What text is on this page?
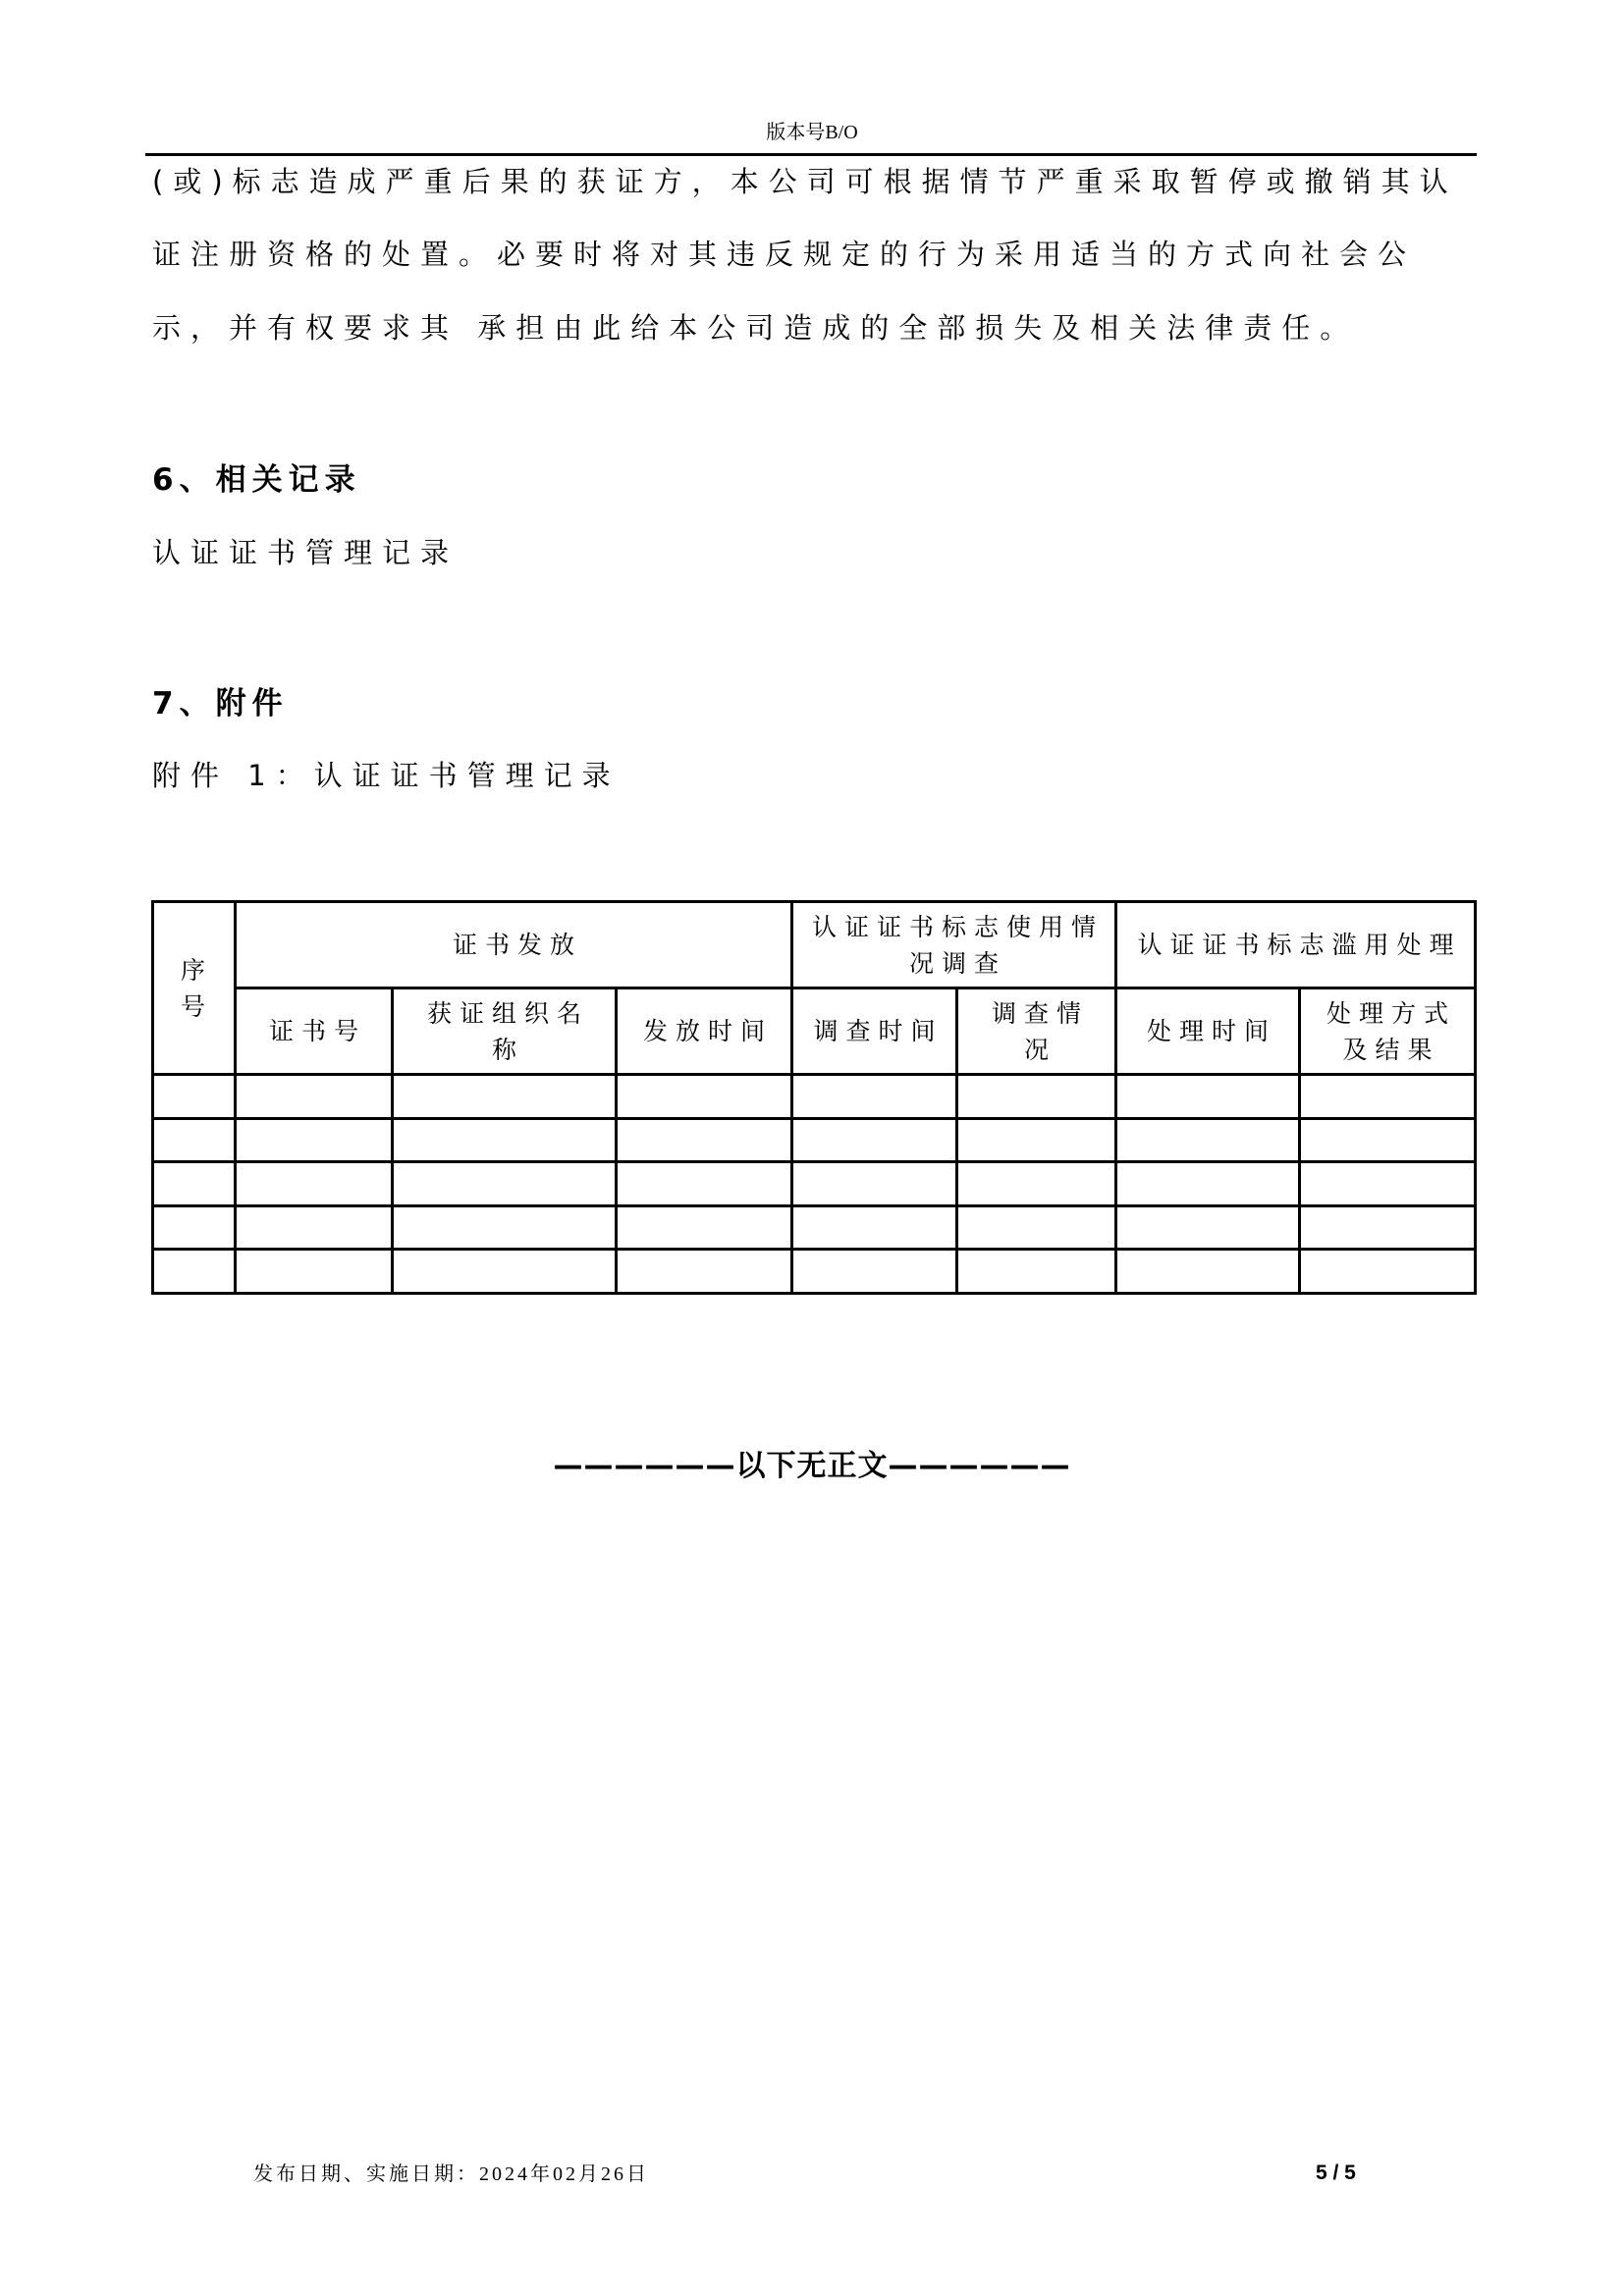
版本号B/O
(或)标志造成严重后果的获证方，本公司可根据情节严重采取暂停或撤销其认
证注册资格的处置。必要时将对其违反规定的行为采用适当的方式向社会公
示，并有权要求其 承担由此给本公司造成的全部损失及相关法律责任。
6、相关记录
认证证书管理记录
7、附件
附件 1：认证证书管理记录
序号	证书发放			认证证书标志使用情况调查		认证证书标志滥用处理	
	证书号	获证组织名称	发放时间	调查时间	调查情况	处理时间	处理方式及结果

——————以下无正文——————
发布日期、实施日期：2024年02月26日	5 / 5
